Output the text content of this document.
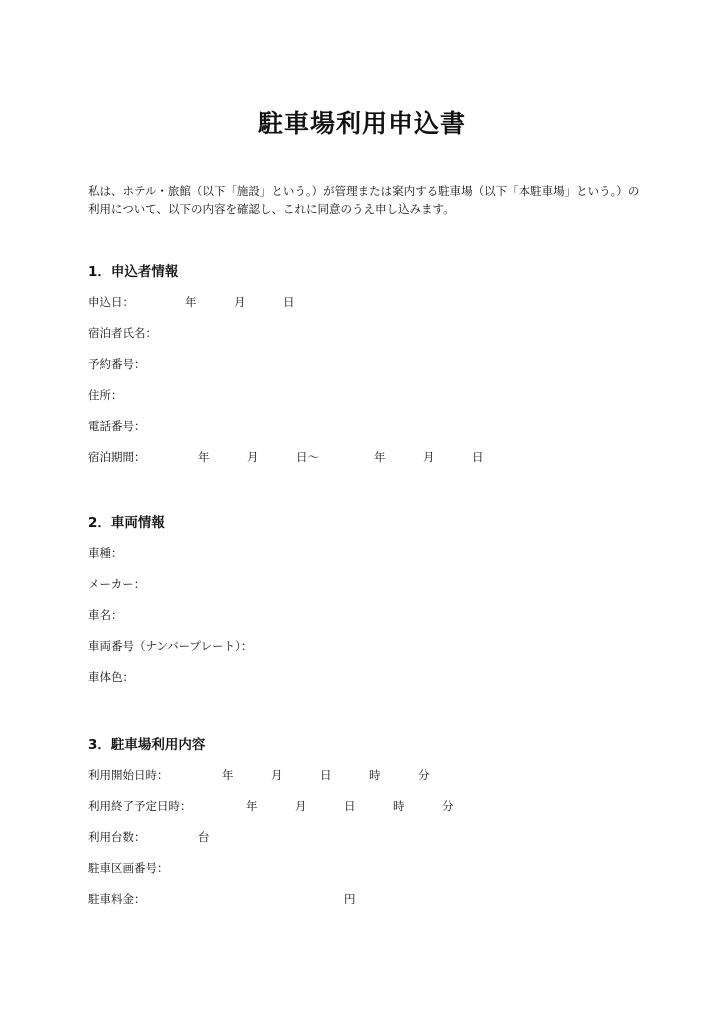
駐車場利用申込書

私は、ホテル・旅館（以下「施設」という。）が管理または案内する駐車場（以下「本駐車場」という。）の利用について、以下の内容を確認し、これに同意のうえ申し込みます。

1．申込者情報
申込日：	年	月	日
宿泊者氏名：
予約番号：
住所：
電話番号：
宿泊期間：	年	月	日～	年	月	日
2．車両情報
車種：
メーカー：
車名：
車両番号（ナンバープレート）：
車体色：
3．駐車場利用内容
利用開始日時：	年	月	日	時	分
利用終了予定日時：	年	月	日	時	分
利用台数：	台
駐車区画番号：
駐車料金：	円
